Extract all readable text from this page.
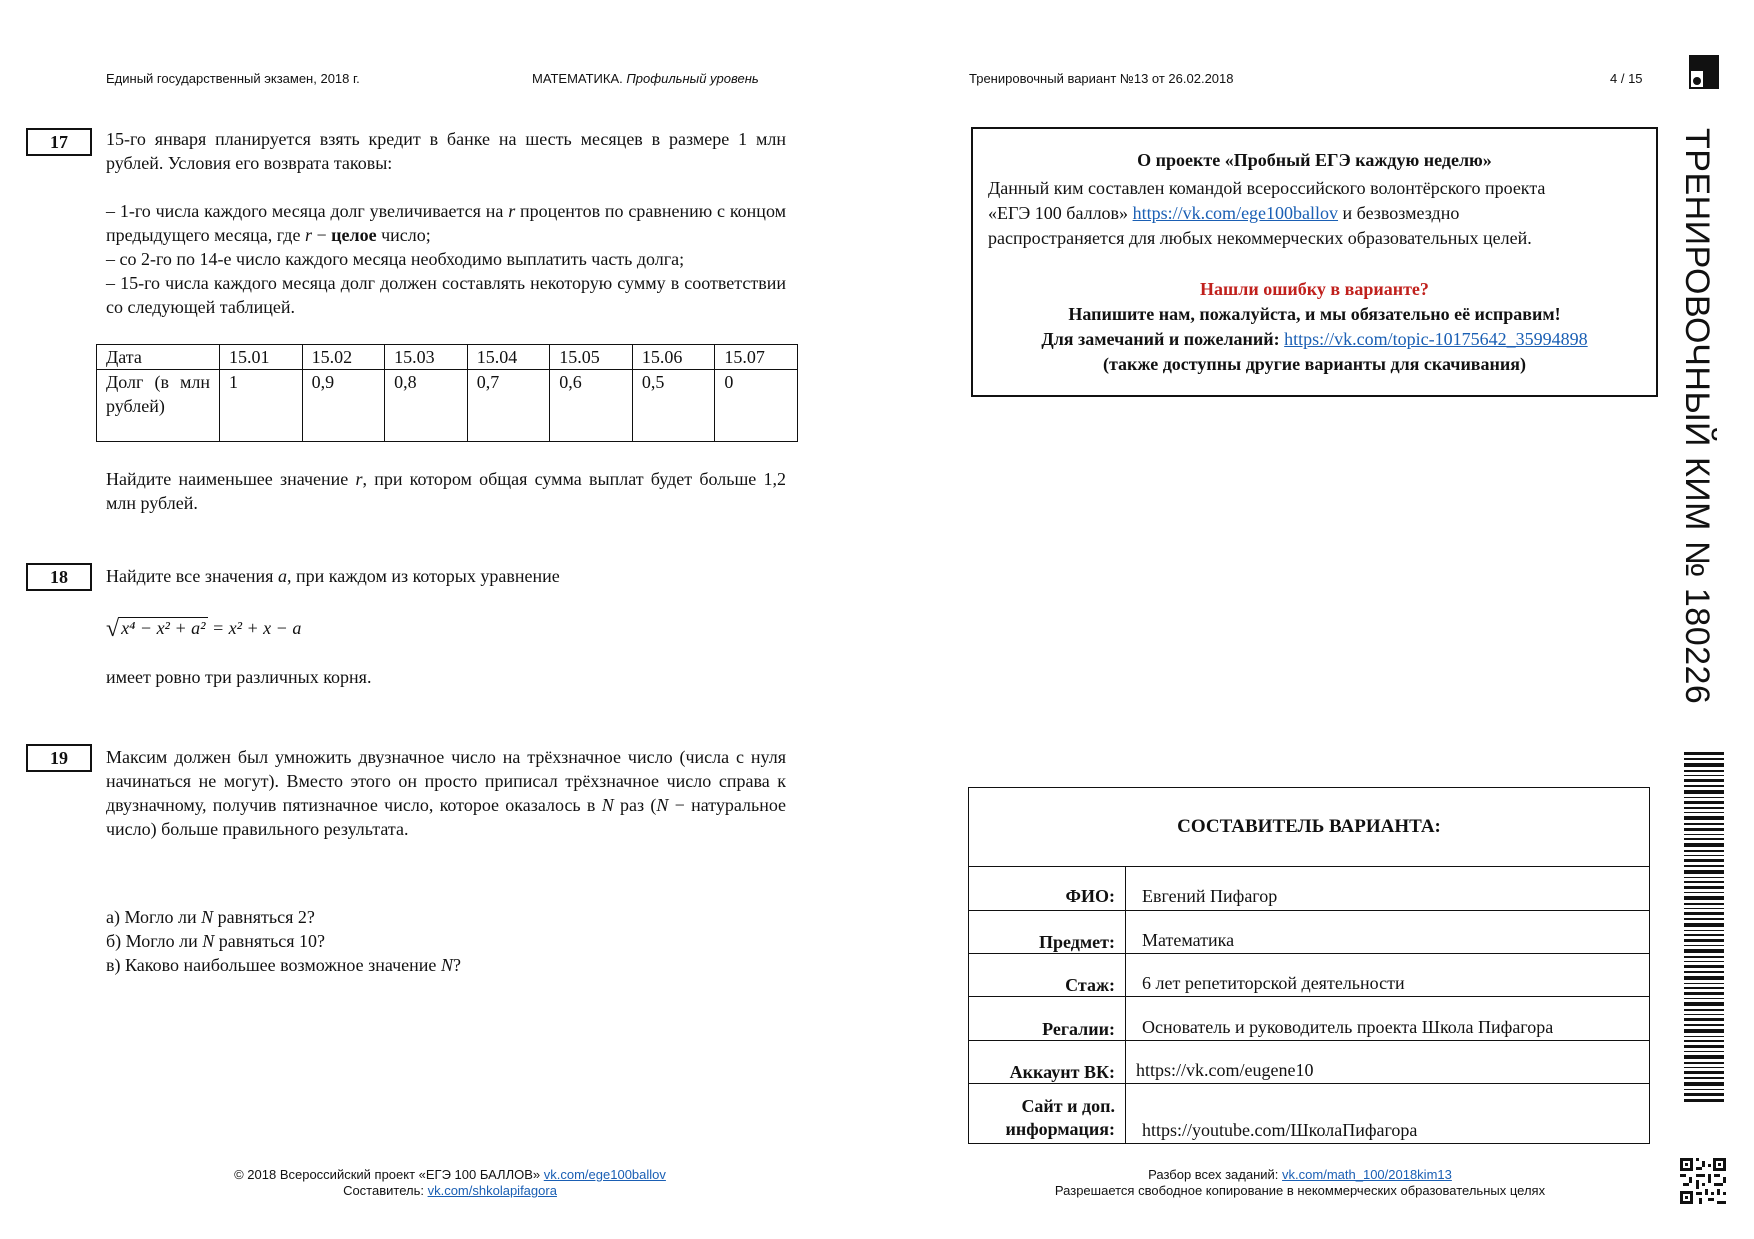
Единый государственный экзамен, 2018 г.	МАТЕМАТИКА. Профильный уровень	Тренировочный вариант №13 от 26.02.2018	4 / 15
ТРЕНИРОВОЧНЫЙ КИМ № 180226
17	15-го января планируется взять кредит в банке на шесть месяцев в размере 1 млн рублей. Условия его возврата таковы:
– 1-го числа каждого месяца долг увеличивается на r процентов по сравнению с концом предыдущего месяца, где r − целое число;
– со 2-го по 14-е число каждого месяца необходимо выплатить часть долга;
– 15-го числа каждого месяца долг должен составлять некоторую сумму в соответствии со следующей таблицей.
Дата	15.01	15.02	15.03	15.04	15.05	15.06	15.07
Долг (в млн рублей)	1	0,9	0,8	0,7	0,6	0,5	0
Найдите наименьшее значение r, при котором общая сумма выплат будет больше 1,2 млн рублей.
18	Найдите все значения a, при каждом из которых уравнение
√ x⁴ − x² + a² = x² + x − a
имеет ровно три различных корня.
19	Максим должен был умножить двузначное число на трёхзначное число (числа с нуля начинаться не могут). Вместо этого он просто приписал трёхзначное число справа к двузначному, получив пятизначное число, которое оказалось в N раз (N − натуральное число) больше правильного результата.
а) Могло ли N равняться 2?
б) Могло ли N равняться 10?
в) Каково наибольшее возможное значение N?
О проекте «Пробный ЕГЭ каждую неделю»
Данный ким составлен командой всероссийского волонтёрского проекта
«ЕГЭ 100 баллов» https://vk.com/ege100ballov и безвозмездно
распространяется для любых некоммерческих образовательных целей.
Нашли ошибку в варианте?
Напишите нам, пожалуйста, и мы обязательно её исправим!
Для замечаний и пожеланий: https://vk.com/topic-10175642_35994898
(также доступны другие варианты для скачивания)
СОСТАВИТЕЛЬ ВАРИАНТА:	
ФИО:	Евгений Пифагор
Предмет:	Математика
Стаж:	6 лет репетиторской деятельности
Регалии:	Основатель и руководитель проекта Школа Пифагора
Аккаунт ВК:	https://vk.com/eugene10

Сайт и доп.
информация:	https://youtube.com/ШколаПифагора
© 2018 Всероссийский проект «ЕГЭ 100 БАЛЛОВ» vk.com/ege100ballov
Составитель: vk.com/shkolapifagora
Разбор всех заданий: vk.com/math_100/2018kim13
Разрешается свободное копирование в некоммерческих образовательных целях
